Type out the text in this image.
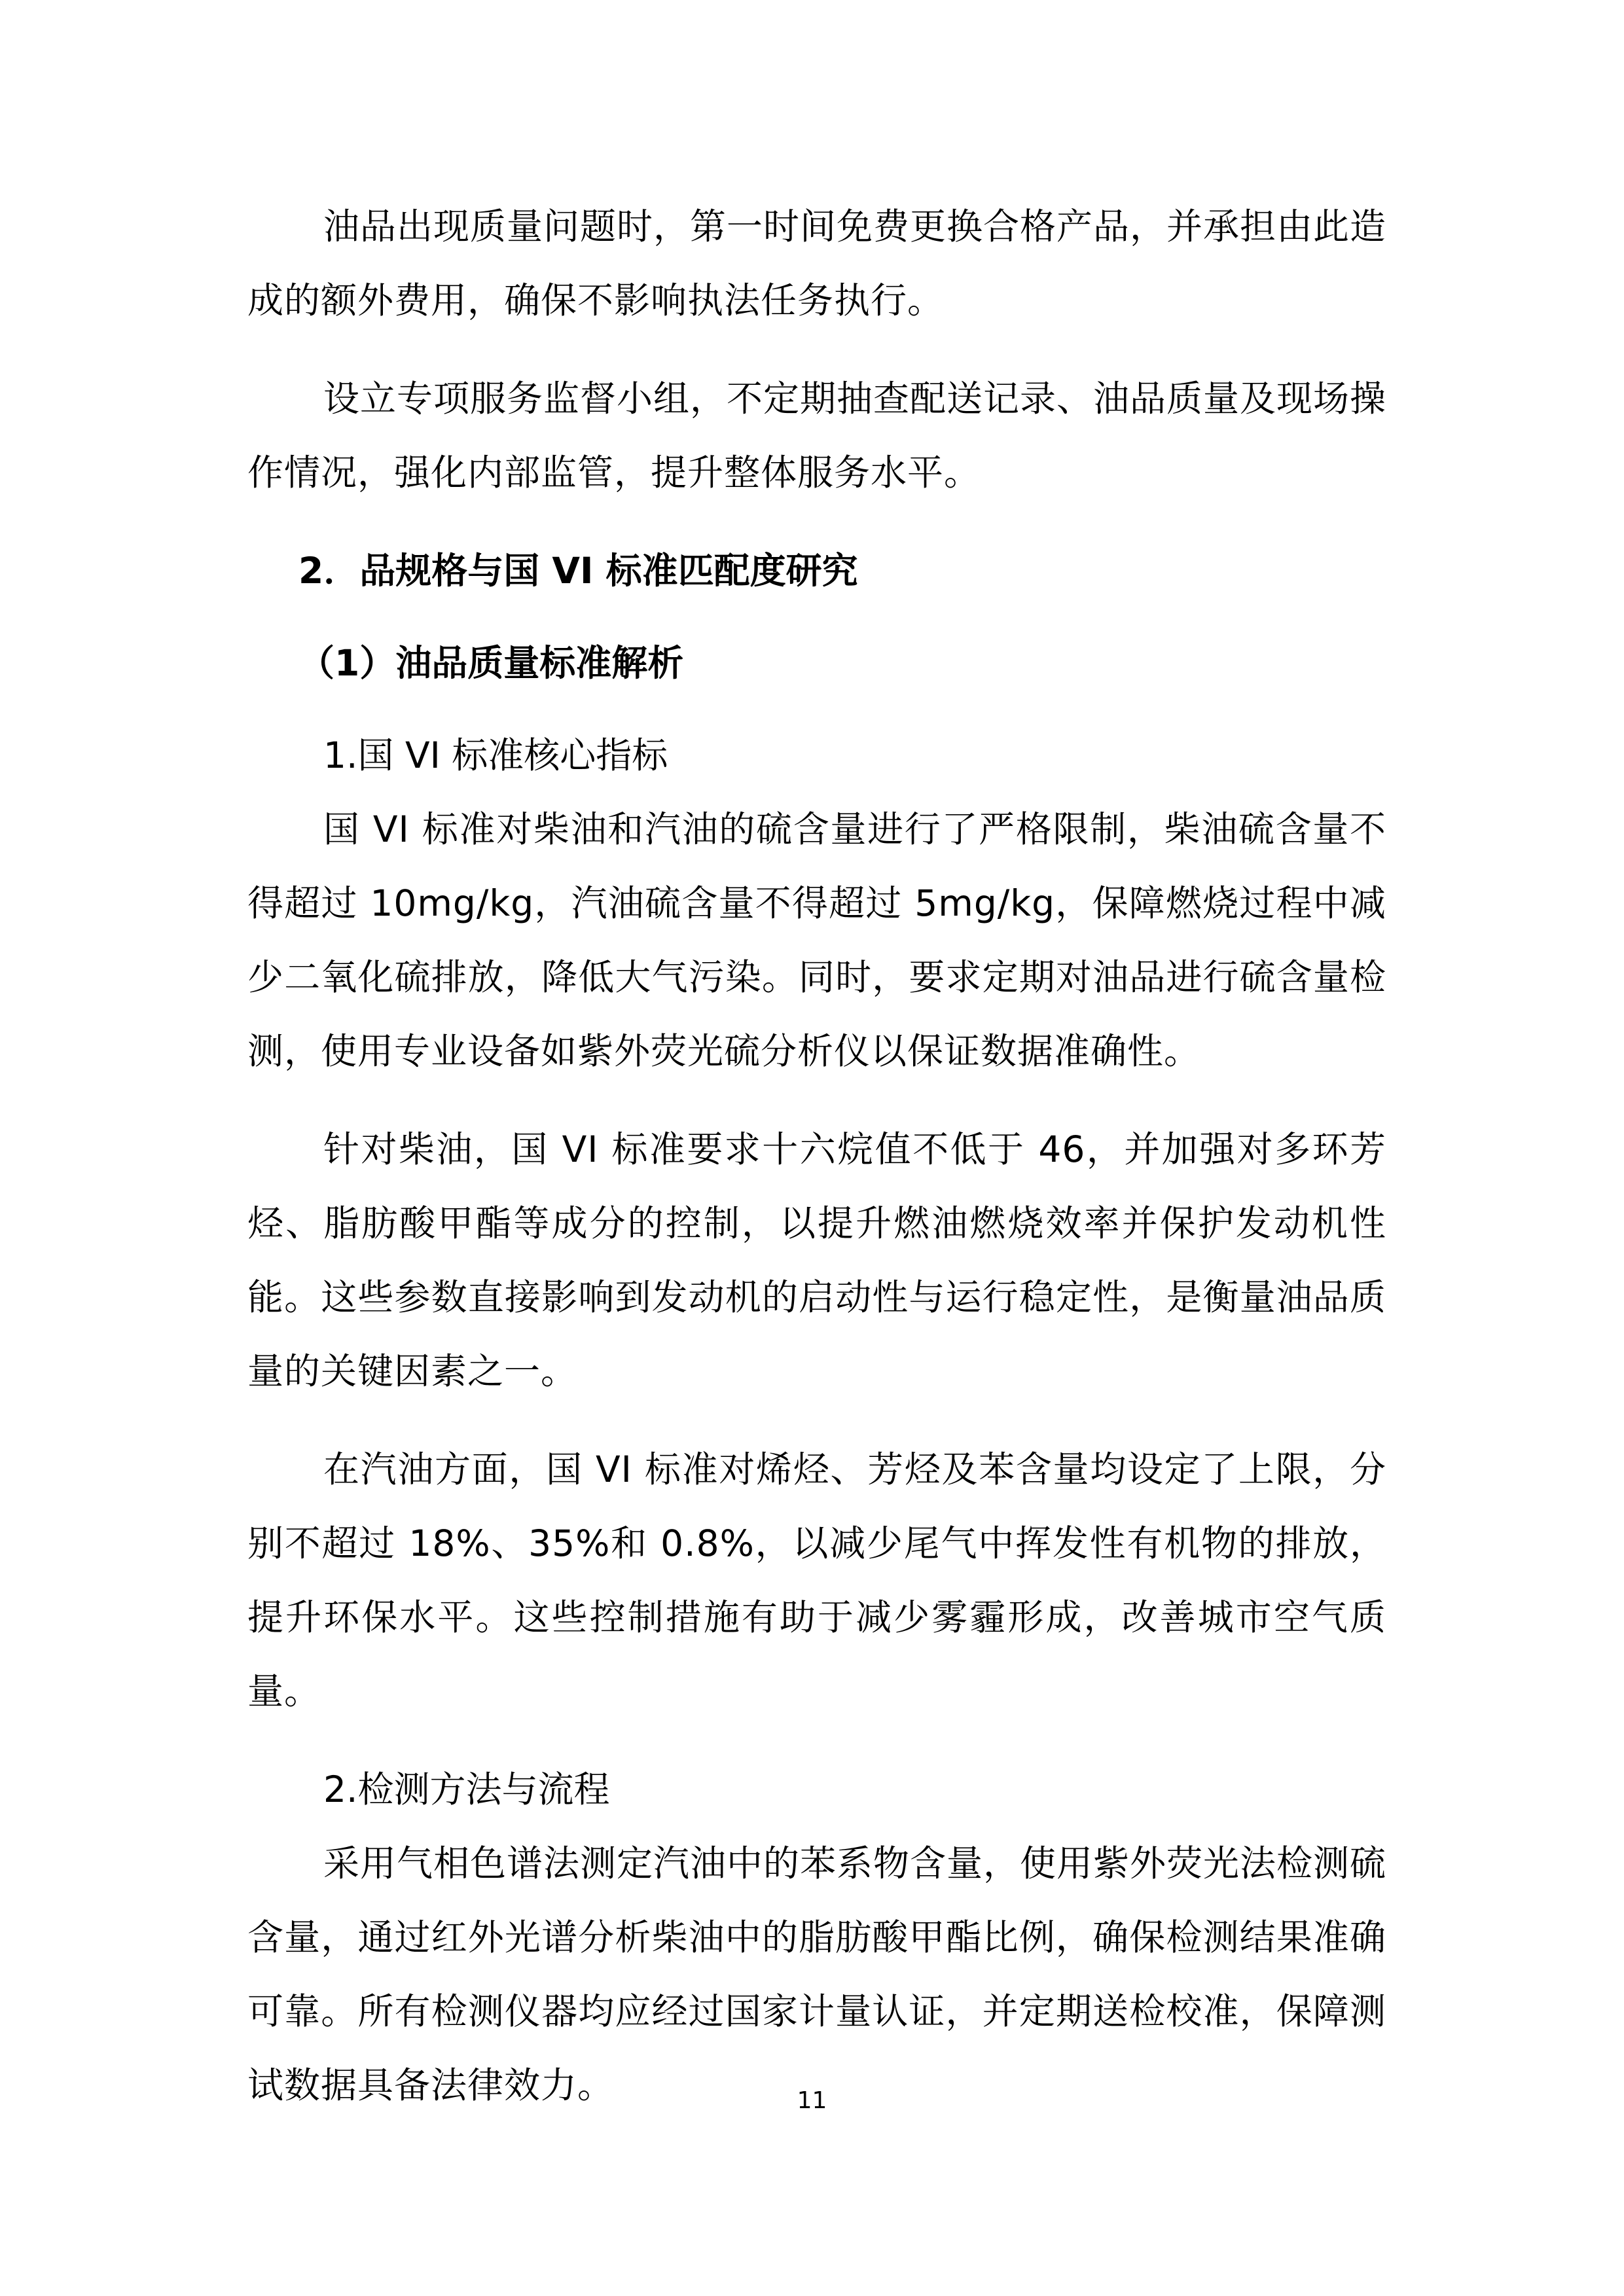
油品出现质量问题时，第一时间免费更换合格产品，并承担由此造成的额外费用，确保不影响执法任务执行。

设立专项服务监督小组，不定期抽查配送记录、油品质量及现场操作情况，强化内部监管，提升整体服务水平。

2．品规格与国 VI 标准匹配度研究

（1）油品质量标准解析

1.国 VI 标准核心指标

国 VI 标准对柴油和汽油的硫含量进行了严格限制，柴油硫含量不得超过 10mg/kg，汽油硫含量不得超过 5mg/kg，保障燃烧过程中减少二氧化硫排放，降低大气污染。同时，要求定期对油品进行硫含量检测，使用专业设备如紫外荧光硫分析仪以保证数据准确性。

针对柴油，国 VI 标准要求十六烷值不低于 46，并加强对多环芳烃、脂肪酸甲酯等成分的控制，以提升燃油燃烧效率并保护发动机性能。这些参数直接影响到发动机的启动性与运行稳定性，是衡量油品质量的关键因素之一。

在汽油方面，国 VI 标准对烯烃、芳烃及苯含量均设定了上限，分别不超过 18%、35%和 0.8%，以减少尾气中挥发性有机物的排放，提升环保水平。这些控制措施有助于减少雾霾形成，改善城市空气质量。

2.检测方法与流程

采用气相色谱法测定汽油中的苯系物含量，使用紫外荧光法检测硫含量，通过红外光谱分析柴油中的脂肪酸甲酯比例，确保检测结果准确可靠。所有检测仪器均应经过国家计量认证，并定期送检校准，保障测试数据具备法律效力。	11
